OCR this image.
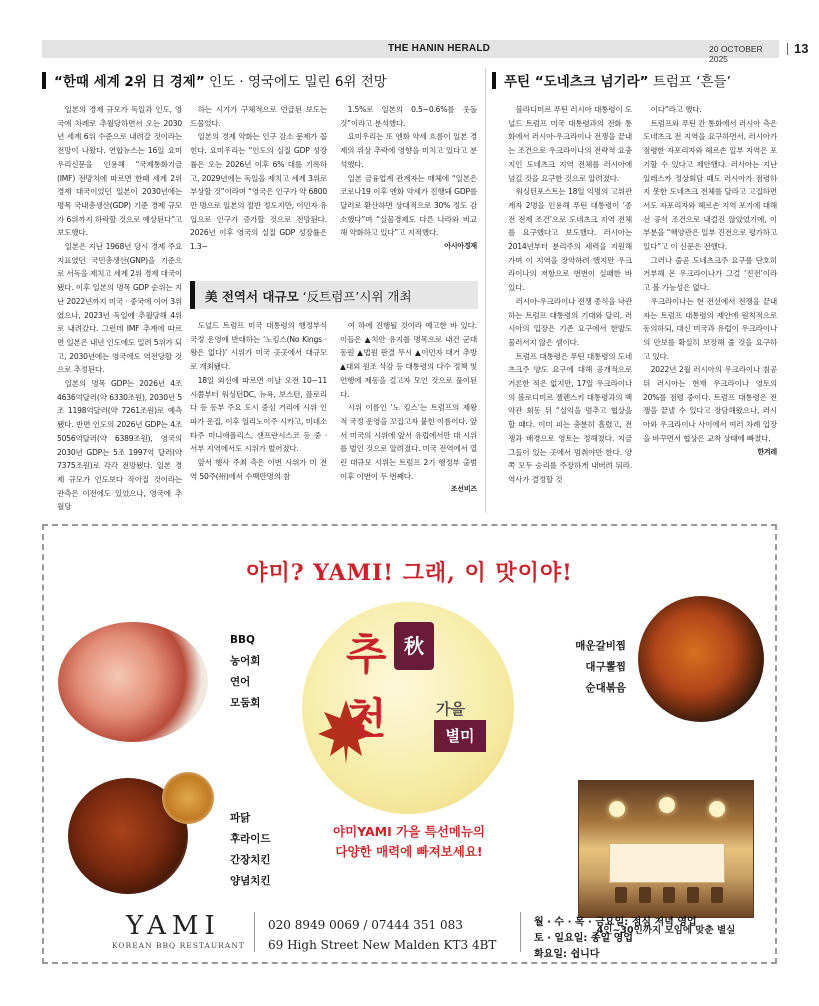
THE HANIN HERALD	20 OCTOBER 2025
13
“한때 세계 2위 日 경제” 인도 · 영국에도 밀린 6위 전망	푸틴 “도네츠크 넘기라” 트럼프 ‘흔들’

일본의 경제 규모가 독일과 인도, 영국에 차례로 추월당하면서 오는 2030년 세계 6위 수준으로 내려갈 것이라는 전망이 나왔다. 연합뉴스는 16일 요미우리신문을 인용해 “국제통화기금(IMF) 전망치에 따르면 한때 세계 2위 경제 대국이었던 일본이 2030년에는 명목 국내총생산(GDP) 기준 경제 규모가 6위까지 하락할 것으로 예상된다”고 보도했다.

일본은 지난 1968년 당시 경제 주요 지표였던 국민총생산(GNP)을 기준으로 서독을 제치고 세계 2위 경제 대국이 됐다. 이후 일본의 명목 GDP 순위는 지난 2022년까지 미국 · 중국에 이어 3위였으나, 2023년 독일에 추월당해 4위로 내려갔다. 그런데 IMF 추계에 따르면 일본은 내년 인도에도 밀려 5위가 되고, 2030년에는 영국에도 역전당할 것으로 추정된다.

일본의 명목 GDP는 2026년 4조 4636억달러(약 6330조원), 2030년 5조 1198억달러(약 7261조원)로 예측됐다. 반면 인도의 2026년 GDP는 4조 5056억달러(약 6389조원), 영국의 2030년 GDP는 5조 1997억 달러(약 7375조원)로 각각 전망됐다. 일본 경제 규모가 인도보다 작아질 것이라는 관측은 이전에도 있었으나, 영국에 추월당

하는 시기가 구체적으로 언급된 보도는 드물었다.

일본의 경제 약화는 인구 감소 문제가 꼽힌다. 요미우리는 “인도의 실질 GDP 성장률은 오는 2026년 이후 6% 대를 기록하고, 2029년에는 독일을 제치고 세계 3위로 부상할 것”이라며 “영국은 인구가 약 6800만 명으로 일본의 절반 정도지만, 이민자 유입으로 인구가 증가할 것으로 전망된다. 2026년 이후 영국의 실질 GDP 성장률은 1.3~

1.5%로 일본의 0.5~0.6%를 웃돌 것”이라고 분석했다.

요미우리는 또 엔화 약세 흐름이 일본 경제의 위상 추락에 영향을 미치고 있다고 분석했다.

일본 금융업계 관계자는 매체에 “일본은 코로나19 이후 엔화 약세가 진행돼 GDP를 달러로 환산하면 상대적으로 30% 정도 감소했다”며 “실물경제도 다른 나라와 비교해 약화하고 있다”고 지적했다.

아시아경제
美 전역서 대규모 ‘反트럼프’시위 개최

도널드 트럼프 미국 대통령의 행정부식 국정 운영에 반대하는 ‘노킹스(No Kings · 왕은 없다)’ 시위가 미국 곳곳에서 대규모로 개최됐다.

18일 외신에 따르면 이날 오전 10~11시쯤부터 워싱턴DC, 뉴욕, 보스턴, 플로리다 등 동부 주요 도시 중심 거리에 시위 인파가 운집, 이후 일리노이주 시카고, 미네소타주 미니애폴리스, 샌프란시스코 등 중 · 서부 지역에서도 시위가 벌어졌다.

앞서 행사 주최 측은 이번 시위가 미 전역 50주(州)에서 수백만명의 참

여 하에 진행될 것이라 예고한 바 있다. 이들은 ▲치안 유지를 명목으로 내건 군대 동원 ▲법원 판결 무시 ▲이민자 대거 추방 ▲대외 원조 삭감 등 대통령의 다수 정책 및 언행에 제동을 걸고자 모인 것으로 풀이된다.

시위 이름인 ‘노 킹스’는 트럼프의 제왕적 국정 운영을 꼬집고자 붙힌 이름이다. 앞서 미국의 시위에 앞서 유럽에서만 대 시위를 벌인 것으로 알려졌다. 미국 전역에서 열린 대규모 시위는 트럼프 2기 행정부 출범 이후 이번이 두 번째다.

조선비즈

블라디미르 푸틴 러시아 대통령이 도널드 트럼프 미국 대통령과의 전화 통화에서 러시아-우크라이나 전쟁을 끝내는 조건으로 우크라이나의 전략적 요충지인 도네츠크 지역 전체를 러시아에 넘길 것을 요구한 것으로 알려졌다.

워싱턴포스트는 18일 익명의 고위관계자 2명을 인용해 푸틴 대통령이 ‘종전 전제 조건’으로 도네츠크 지역 전체를 요구했다고 보도했다. 러시아는 2014년부터 분리주의 세력을 지원해 가며 이 지역을 장악하려 했지만 우크라이나의 저항으로 번번이 실패한 바 있다.

러시아-우크라이나 전쟁 종식을 낙관하는 트럼프 대통령의 기대와 달리, 러시아의 입장은 기존 요구에서 한발도 물러서지 않은 셈이다.

트럼프 대통령은 푸틴 대통령의 도네츠크주 양도 요구에 대해 공개적으로 거론한 적은 없지만, 17일 우크라이나의 볼로디미르 젤렌스키 대통령과의 백악관 회동 뒤 “실익을 멈추고 협상을 할 때다. 이미 피는 충분히 흘렸고, 전쟁과 배경으로 영토는 정해졌다. 지금 그들이 있는 곳에서 멈춰야만 한다. 양쪽 모두 승리를 주장하게 내버려 둬라. 역사가 결정할 것

이다”라고 했다.

트럼프와 푸틴 간 통화에서 러시아 측은 도네츠크 전 지역을 요구하면서, 러시아가 점령한 자포리자와 헤르손 일부 지역은 포기할 수 있다고 제안했다. 러시아는 지난 일레스카 정상회담 때도 러시아가 점령하지 못한 도네츠크 전체를 달라고 고집하면서도 자포리자와 헤르손 지역 포기에 대해선 공식 조건으로 내걸진 않았었기에, 이 부분을 “핵양관은 일부 진전으로 평가하고 있다”고 이 신문은 전했다.

그러나 줄곧 도네츠크주 요구를 단호히 거부해 온 우크라이나가 그걸 ‘진전’이라고 볼 가능성은 없다.

우크라이나는 현 전선에서 전쟁을 끝내자는 트럼프 대통령의 제안에 원칙적으로 동의하되, 대신 미국과 유럽이 우크라이나의 안보를 확실히 보장해 줄 것을 요구하고 있다.

2022년 2월 러시아의 우크라이나 침공 뒤 러시아는 현재 우크라이나 영토의 20%를 점령 중이다. 트럼프 대통령은 전쟁을 끝낼 수 있다고 장담해왔으나, 러시아와 우크라이나 사이에서 여러 차례 입장을 바꾸면서 협상은 교착 상태에 빠졌다.

한겨레
야미? YAMI! 그래, 이 맛이야!
BBQ
농어회
연어
모둠회
파닭
후라이드
간장치킨
양념치킨
추 秋
천	가을
별미
야미YAMI 가을 특선메뉴의
다양한 매력에 빠져보세요!
매운갈비찜
대구뽈찜
순대볶음
4인~30인까지 모임에 맞춘 별실
YAMI
KOREAN BBQ RESTAURANT
020 8949 0069 / 07444 351 083
69 High Street New Malden KT3 4BT
월 · 수 · 목 · 금요일: 점심 저녁 영업
토 · 일요일: 종일 영업
화요일: 쉽니다
